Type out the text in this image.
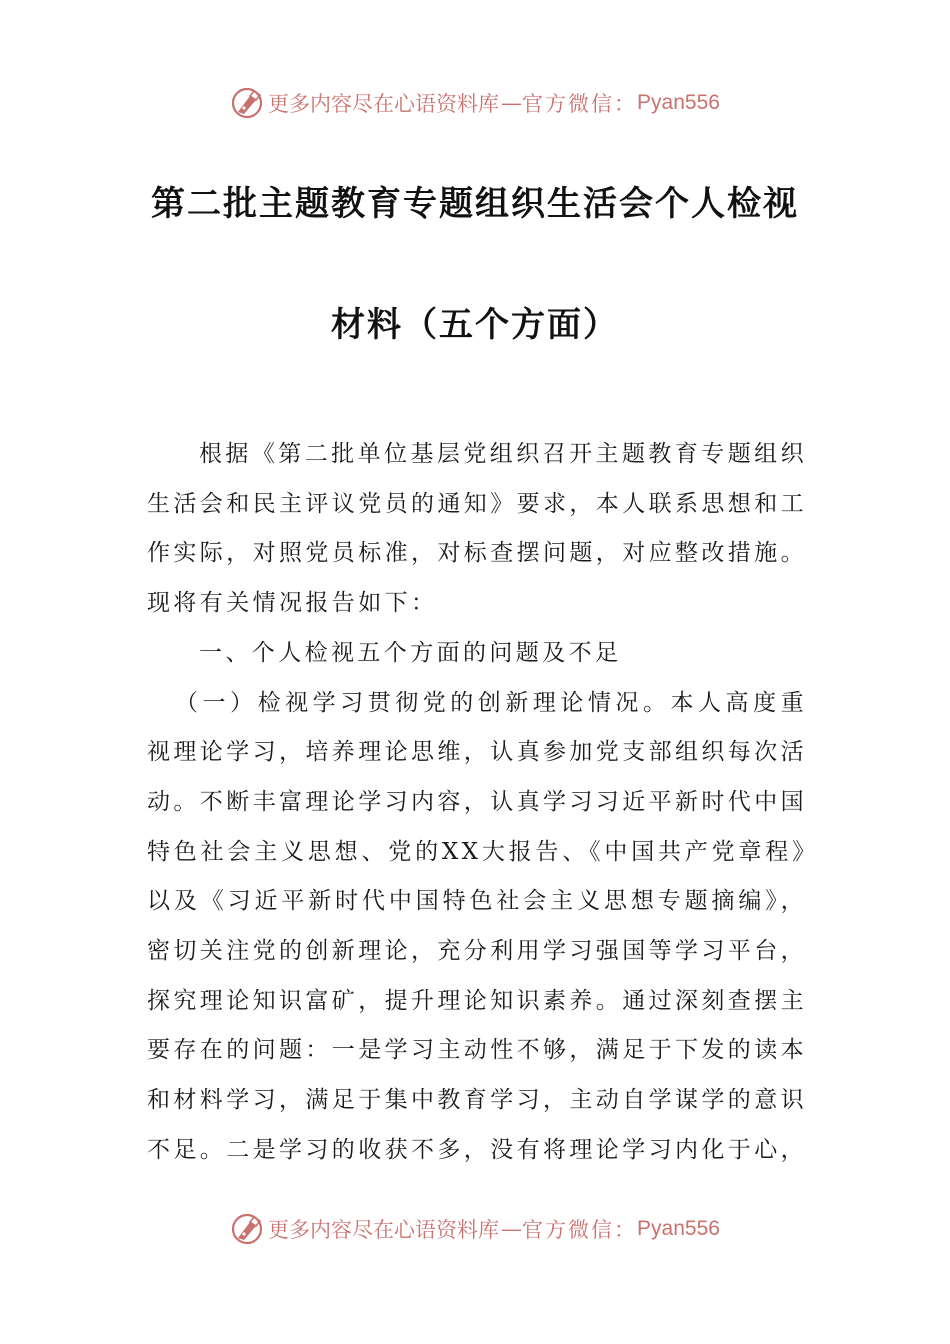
更多内容尽在心语资料库 — 官方微信： Pyan556
第二批主题教育专题组织生活会个人检视
材料（五个方面）

根据《第二批单位基层党组织召开主题教育专题组织生活会和民主评议党员的通知》要求，本人联系思想和工作实际，对照党员标准，对标查摆问题，对应整改措施。现将有关情况报告如下：

一、个人检视五个方面的问题及不足

（一）检视学习贯彻党的创新理论情况。本人高度重视理论学习，培养理论思维，认真参加党支部组织每次活动。不断丰富理论学习内容，认真学习习近平新时代中国特色社会主义思想、党的XX大报告、《中国共产党章程》以及《习近平新时代中国特色社会主义思想专题摘编》，密切关注党的创新理论，充分利用学习强国等学习平台，探究理论知识富矿，提升理论知识素养。通过深刻查摆主要存在的问题：一是学习主动性不够，满足于下发的读本和材料学习，满足于集中教育学习，主动自学谋学的意识不足。二是学习的收获不多，没有将理论学习内化于心，

更多内容尽在心语资料库 — 官方微信： Pyan556
